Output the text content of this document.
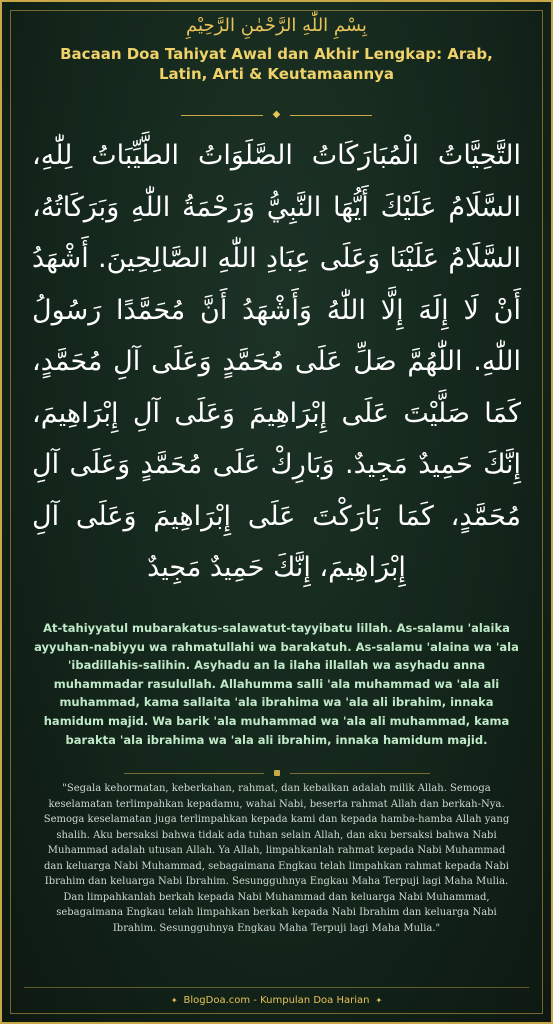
بِسْمِ اللّٰهِ الرَّحْمٰنِ الرَّحِيْمِ
Bacaan Doa Tahiyat Awal dan Akhir Lengkap: Arab, Latin, Arti & Keutamaannya
◆
التَّحِيَّاتُ الْمُبَارَكَاتُ الصَّلَوَاتُ الطَّيِّبَاتُ لِلّٰهِ، السَّلَامُ عَلَيْكَ أَيُّهَا النَّبِيُّ وَرَحْمَةُ اللّٰهِ وَبَرَكَاتُهُ، السَّلَامُ عَلَيْنَا وَعَلَى عِبَادِ اللّٰهِ الصَّالِحِينَ. أَشْهَدُ أَنْ لَا إِلَهَ إِلَّا اللّٰهُ وَأَشْهَدُ أَنَّ مُحَمَّدًا رَسُولُ اللّٰهِ. اللّٰهُمَّ صَلِّ عَلَى مُحَمَّدٍ وَعَلَى آلِ مُحَمَّدٍ، كَمَا صَلَّيْتَ عَلَى إِبْرَاهِيمَ وَعَلَى آلِ إِبْرَاهِيمَ، إِنَّكَ حَمِيدٌ مَجِيدٌ. وَبَارِكْ عَلَى مُحَمَّدٍ وَعَلَى آلِ مُحَمَّدٍ، كَمَا بَارَكْتَ عَلَى إِبْرَاهِيمَ وَعَلَى آلِ إِبْرَاهِيمَ، إِنَّكَ حَمِيدٌ مَجِيدٌ
At-tahiyyatul mubarakatus-salawatut-tayyibatu lillah. As-salamu 'alaika ayyuhan-nabiyyu wa rahmatullahi wa barakatuh. As-salamu 'alaina wa 'ala 'ibadillahis-salihin. Asyhadu an la ilaha illallah wa asyhadu anna muhammadar rasulullah. Allahumma salli 'ala muhammad wa 'ala ali muhammad, kama sallaita 'ala ibrahima wa 'ala ali ibrahim, innaka hamidum majid. Wa barik 'ala muhammad wa 'ala ali muhammad, kama barakta 'ala ibrahima wa 'ala ali ibrahim, innaka hamidum majid.
"Segala kehormatan, keberkahan, rahmat, dan kebaikan adalah milik Allah. Semoga keselamatan terlimpahkan kepadamu, wahai Nabi, beserta rahmat Allah dan berkah-Nya. Semoga keselamatan juga terlimpahkan kepada kami dan kepada hamba-hamba Allah yang shalih. Aku bersaksi bahwa tidak ada tuhan selain Allah, dan aku bersaksi bahwa Nabi Muhammad adalah utusan Allah. Ya Allah, limpahkanlah rahmat kepada Nabi Muhammad dan keluarga Nabi Muhammad, sebagaimana Engkau telah limpahkan rahmat kepada Nabi Ibrahim dan keluarga Nabi Ibrahim. Sesungguhnya Engkau Maha Terpuji lagi Maha Mulia. Dan limpahkanlah berkah kepada Nabi Muhammad dan keluarga Nabi Muhammad, sebagaimana Engkau telah limpahkan berkah kepada Nabi Ibrahim dan keluarga Nabi Ibrahim. Sesungguhnya Engkau Maha Terpuji lagi Maha Mulia."
✦ BlogDoa.com - Kumpulan Doa Harian ✦
